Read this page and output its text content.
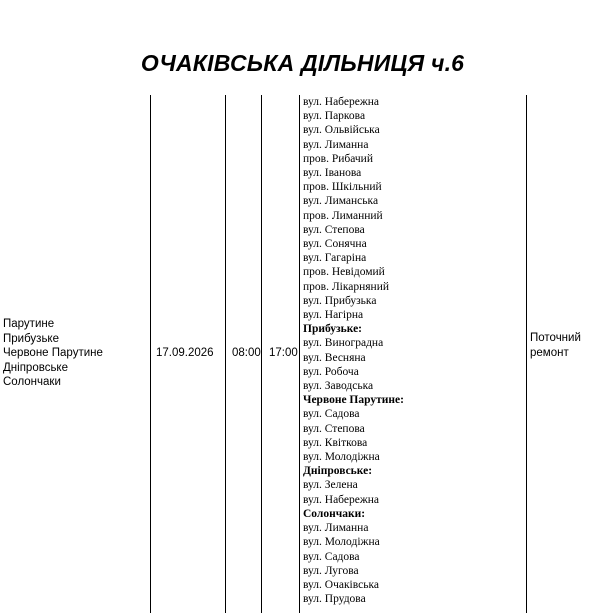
ОЧАКІВСЬКА ДІЛЬНИЦЯ ч.6
Парутине
Прибузьке
Червоне Парутине
Дніпровське
Солончаки
17.09.2026 08:00 17:00
вул. Набережна
вул. Паркова
вул. Ольвійська
вул. Лиманна
пров. Рибачий
вул. Іванова
пров. Шкільний
вул. Лиманська
пров. Лиманний
вул. Степова
вул. Сонячна
вул. Гагаріна
пров. Невідомий
пров. Лікарняний
вул. Прибузька
вул. Нагірна
Прибузьке:
вул. Виноградна
вул. Весняна
вул. Робоча
вул. Заводська
Червоне Парутине:
вул. Садова
вул. Степова
вул. Квіткова
вул. Молодіжна
Дніпровське:
вул. Зелена
вул. Набережна
Солончаки:
вул. Лиманна
вул. Молодіжна
вул. Садова
вул. Лугова
вул. Очаківська
вул. Прудова
Поточний
ремонт
